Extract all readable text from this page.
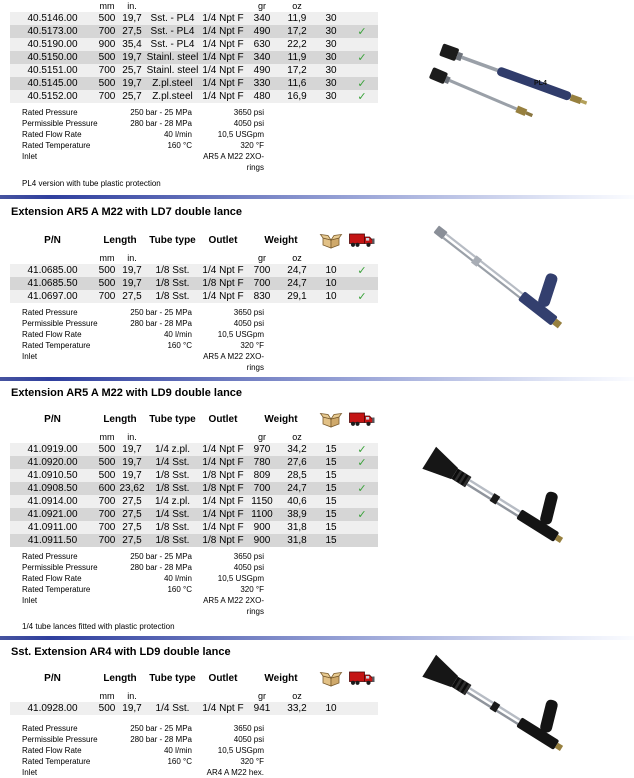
	mm	in.			gr	oz		
40.5146.00	500	19,7	Sst. - PL4	1/4 Npt F	340	11,9	30	
40.5173.00	700	27,5	Sst. - PL4	1/4 Npt F	490	17,2	30	✓
40.5190.00	900	35,4	Sst. - PL4	1/4 Npt F	630	22,2	30	
40.5150.00	500	19,7	Stainl. steel	1/4 Npt F	340	11,9	30	✓
40.5151.00	700	25,7	Stainl. steel	1/4 Npt F	490	17,2	30	
40.5145.00	500	19,7	Z.pl.steel	1/4 Npt F	330	11,6	30	✓
40.5152.00	700	25,7	Z.pl.steel	1/4 Npt F	480	16,9	30	✓
Rated Pressure	250 bar - 25 MPa	3650 psi
Permissible Pressure	280 bar - 28 MPa	4050 psi
Rated Flow Rate	40 l/min	10,5 USGpm
Rated Temperature	160 °C	320 °F
Inlet	AR5 A M22 2XO-rings
PL4 version with tube plastic protection
Extension AR5 A M22 with LD7 double lance
P/N	Length		Tube type	Outlet	Weight		
	mm	in.			gr	oz		
41.0685.00	500	19,7	1/8 Sst.	1/4 Npt F	700	24,7	10	✓
41.0685.50	500	19,7	1/8 Sst.	1/8 Npt F	700	24,7	10	
41.0697.00	700	27,5	1/8 Sst.	1/4 Npt F	830	29,1	10	✓
Rated Pressure	250 bar - 25 MPa	3650 psi
Permissible Pressure	280 bar - 28 MPa	4050 psi
Rated Flow Rate	40 l/min	10,5 USGpm
Rated Temperature	160 °C	320 °F
Inlet	AR5 A M22 2XO-rings
Extension AR5 A M22 with LD9 double lance
P/N	Length		Tube type	Outlet	Weight		
	mm	in.			gr	oz		
41.0919.00	500	19,7	1/4 z.pl.	1/4 Npt F	970	34,2	15	✓
41.0920.00	500	19,7	1/4 Sst.	1/4 Npt F	780	27,6	15	✓
41.0910.50	500	19,7	1/8 Sst.	1/8 Npt F	809	28,5	15	
41.0908.50	600	23,62	1/8 Sst.	1/8 Npt F	700	24,7	15	✓
41.0914.00	700	27,5	1/4 z.pl.	1/4 Npt F	1150	40,6	15	
41.0921.00	700	27,5	1/4 Sst.	1/4 Npt F	1100	38,9	15	✓
41.0911.00	700	27,5	1/8 Sst.	1/4 Npt F	900	31,8	15	
41.0911.50	700	27,5	1/8 Sst.	1/8 Npt F	900	31,8	15	
Rated Pressure	250 bar - 25 MPa	3650 psi
Permissible Pressure	280 bar - 28 MPa	4050 psi
Rated Flow Rate	40 l/min	10,5 USGpm
Rated Temperature	160 °C	320 °F
Inlet	AR5 A M22 2XO-rings
1/4 tube lances fitted with plastic protection
Sst. Extension AR4 with LD9 double lance
P/N	Length		Tube type	Outlet	Weight		
	mm	in.			gr	oz		
41.0928.00	500	19,7	1/4 Sst.	1/4 Npt F	941	33,2	10	
Rated Pressure	250 bar - 25 MPa	3650 psi
Permissible Pressure	280 bar - 28 MPa	4050 psi
Rated Flow Rate	40 l/min	10,5 USGpm
Rated Temperature	160 °C	320 °F
Inlet	AR4 A M22 hex.
PL4
